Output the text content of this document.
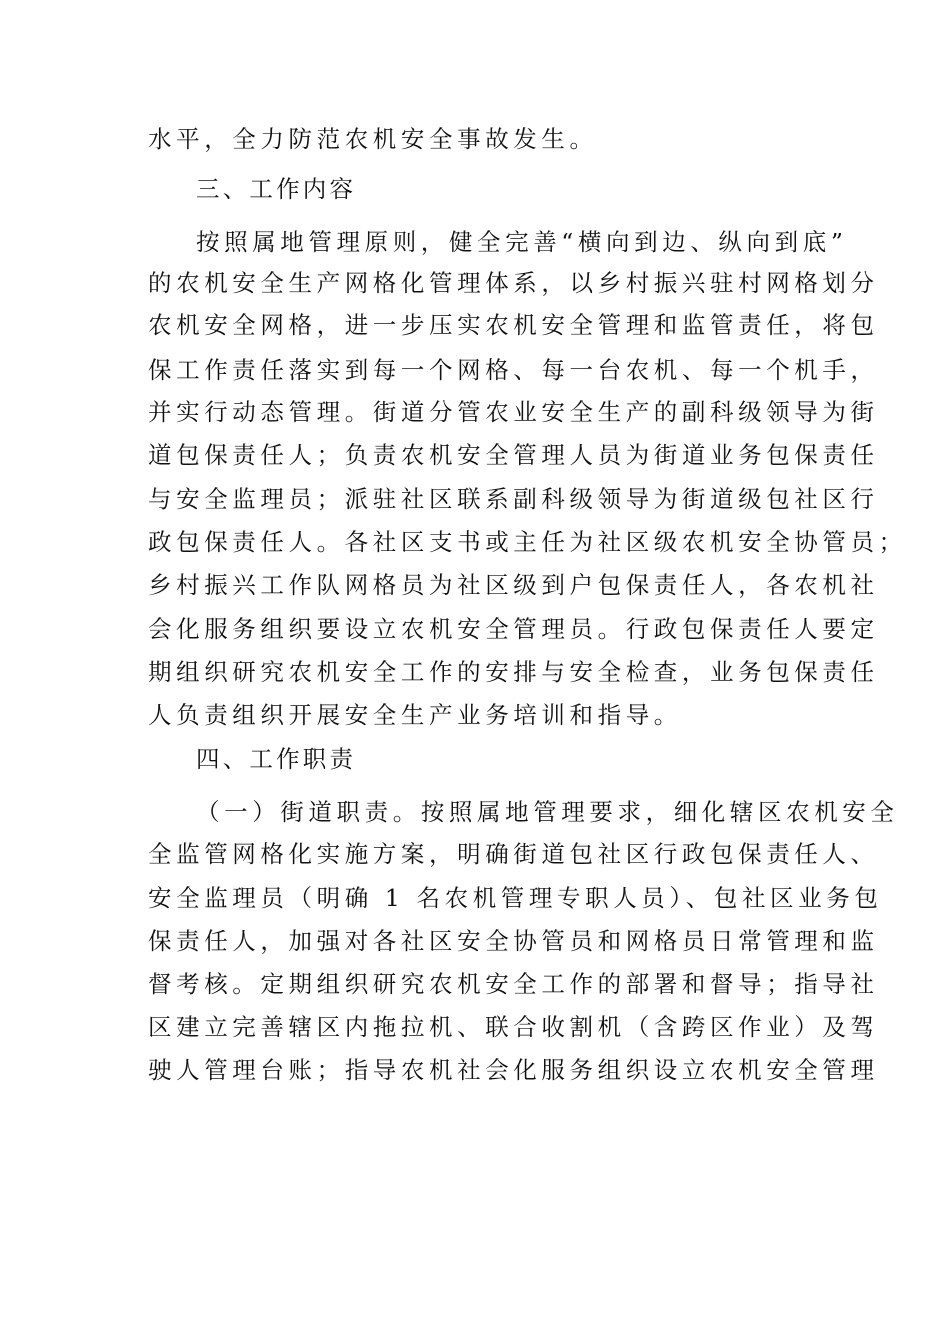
水平，全力防范农机安全事故发生。
三、工作内容
按照属地管理原则，健全完善“横向到边、纵向到底”
的农机安全生产网格化管理体系，以乡村振兴驻村网格划分
农机安全网格，进一步压实农机安全管理和监管责任，将包
保工作责任落实到每一个网格、每一台农机、每一个机手，
并实行动态管理。街道分管农业安全生产的副科级领导为街
道包保责任人；负责农机安全管理人员为街道业务包保责任
与安全监理员；派驻社区联系副科级领导为街道级包社区行
政包保责任人。各社区支书或主任为社区级农机安全协管员；
乡村振兴工作队网格员为社区级到户包保责任人，各农机社
会化服务组织要设立农机安全管理员。行政包保责任人要定
期组织研究农机安全工作的安排与安全检查，业务包保责任
人负责组织开展安全生产业务培训和指导。
四、工作职责
（一）街道职责。按照属地管理要求，细化辖区农机安全
全监管网格化实施方案，明确街道包社区行政包保责任人、
安全监理员（明确 1 名农机管理专职人员）、包社区业务包
保责任人，加强对各社区安全协管员和网格员日常管理和监
督考核。定期组织研究农机安全工作的部署和督导；指导社
区建立完善辖区内拖拉机、联合收割机（含跨区作业）及驾
驶人管理台账；指导农机社会化服务组织设立农机安全管理
